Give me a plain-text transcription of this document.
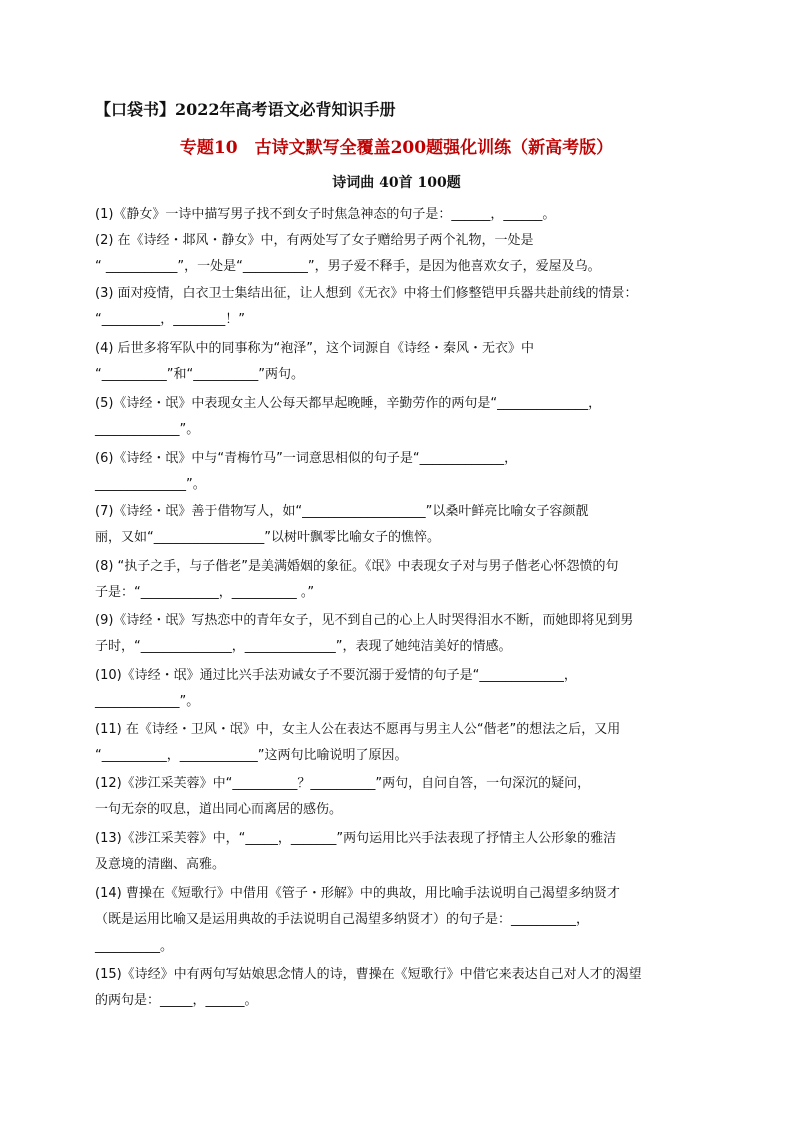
【口袋书】2022年高考语文必背知识手册
专题10　古诗文默写全覆盖200题强化训练（新高考版）
诗词曲 40首 100题
(1)《静女》一诗中描写男子找不到女子时焦急神态的句子是：______，______。
(2) 在《诗经・邶风・静女》中，有两处写了女子赠给男子两个礼物，一处是
“ ___________”，一处是“__________”，男子爱不释手，是因为他喜欢女子，爱屋及乌。
(3) 面对疫情，白衣卫士集结出征，让人想到《无衣》中将士们修整铠甲兵器共赴前线的情景：
“_________，________！”
(4) 后世多将军队中的同事称为“袍泽”，这个词源自《诗经・秦风・无衣》中
“__________”和“__________”两句。
(5)《诗经・氓》中表现女主人公每天都早起晚睡，辛勤劳作的两句是“______________，
_____________”。
(6)《诗经・氓》中与“青梅竹马”一词意思相似的句子是“_____________，
______________”。
(7)《诗经・氓》善于借物写人，如“___________________”以桑叶鲜亮比喻女子容颜靓
丽，又如“_________________”以树叶飘零比喻女子的憔悴。
(8) “执子之手，与子偕老”是美满婚姻的象征。《氓》中表现女子对与男子偕老心怀怨愤的句
子是：“____________，__________ 。”
(9)《诗经・氓》写热恋中的青年女子，见不到自己的心上人时哭得泪水不断，而她即将见到男
子时，“______________，______________”，表现了她纯洁美好的情感。
(10)《诗经・氓》通过比兴手法劝诫女子不要沉溺于爱情的句子是“_____________，
_____________”。
(11) 在《诗经・卫风・氓》中，女主人公在表达不愿再与男主人公“偕老”的想法之后，又用
“__________，____________”这两句比喻说明了原因。
(12)《涉江采芙蓉》中“__________？__________”两句，自问自答，一句深沉的疑问，
一句无奈的叹息，道出同心而离居的感伤。
(13)《涉江采芙蓉》中，“_____，_______”两句运用比兴手法表现了抒情主人公形象的雅洁
及意境的清幽、高雅。
(14) 曹操在《短歌行》中借用《管子・形解》中的典故，用比喻手法说明自己渴望多纳贤才
（既是运用比喻又是运用典故的手法说明自己渴望多纳贤才）的句子是：__________，
__________。
(15)《诗经》中有两句写姑娘思念情人的诗，曹操在《短歌行》中借它来表达自己对人才的渴望
的两句是：_____，______。
